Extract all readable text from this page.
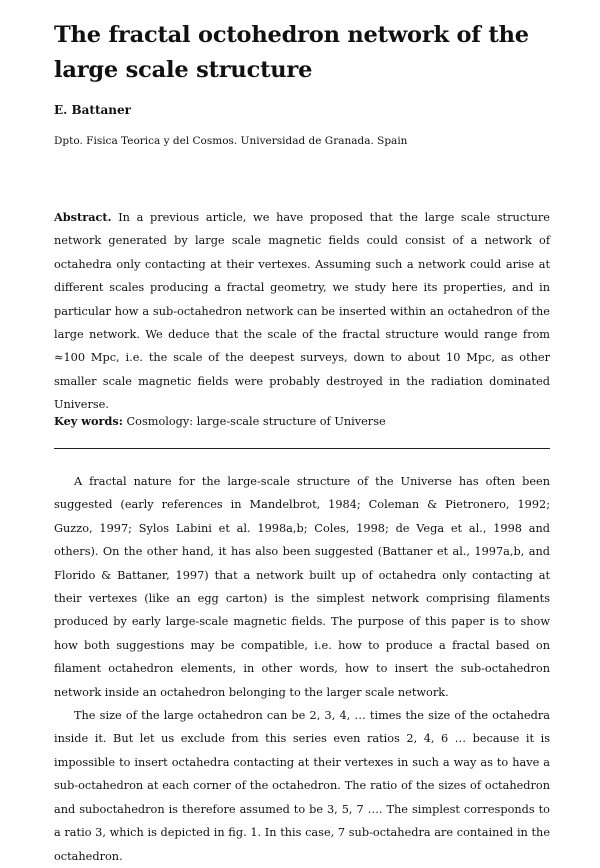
The fractal octohedron network of the large scale structure

E. Battaner

Dpto. Fisica Teorica y del Cosmos. Universidad de Granada. Spain

Abstract. In a previous article, we have proposed that the large scale structure network generated by large scale magnetic fields could consist of a network of octahedra only contacting at their vertexes. Assuming such a network could arise at different scales producing a fractal geometry, we study here its properties, and in particular how a sub-octahedron network can be inserted within an octahedron of the large network. We deduce that the scale of the fractal structure would range from ≈100 Mpc, i.e. the scale of the deepest surveys, down to about 10 Mpc, as other smaller scale magnetic fields were probably destroyed in the radiation dominated Universe.

Key words: Cosmology: large-scale structure of Universe

A fractal nature for the large-scale structure of the Universe has often been suggested (early references in Mandelbrot, 1984; Coleman & Pietronero, 1992; Guzzo, 1997; Sylos Labini et al. 1998a,b; Coles, 1998; de Vega et al., 1998 and others). On the other hand, it has also been suggested (Battaner et al., 1997a,b, and Florido & Battaner, 1997) that a network built up of octahedra only contacting at their vertexes (like an egg carton) is the simplest network comprising filaments produced by early large-scale magnetic fields. The purpose of this paper is to show how both suggestions may be compatible, i.e. how to produce a fractal based on filament octahedron elements, in other words, how to insert the sub-octahedron network inside an octahedron belonging to the larger scale network.

The size of the large octahedron can be 2, 3, 4, … times the size of the octahedra inside it. But let us exclude from this series even ratios 2, 4, 6 … because it is impossible to insert octahedra contacting at their vertexes in such a way as to have a sub-octahedron at each corner of the octahedron. The ratio of the sizes of octahedron and suboctahedron is therefore assumed to be 3, 5, 7 …. The simplest corresponds to a ratio 3, which is depicted in fig. 1. In this case, 7 sub-octahedra are contained in the octahedron.
